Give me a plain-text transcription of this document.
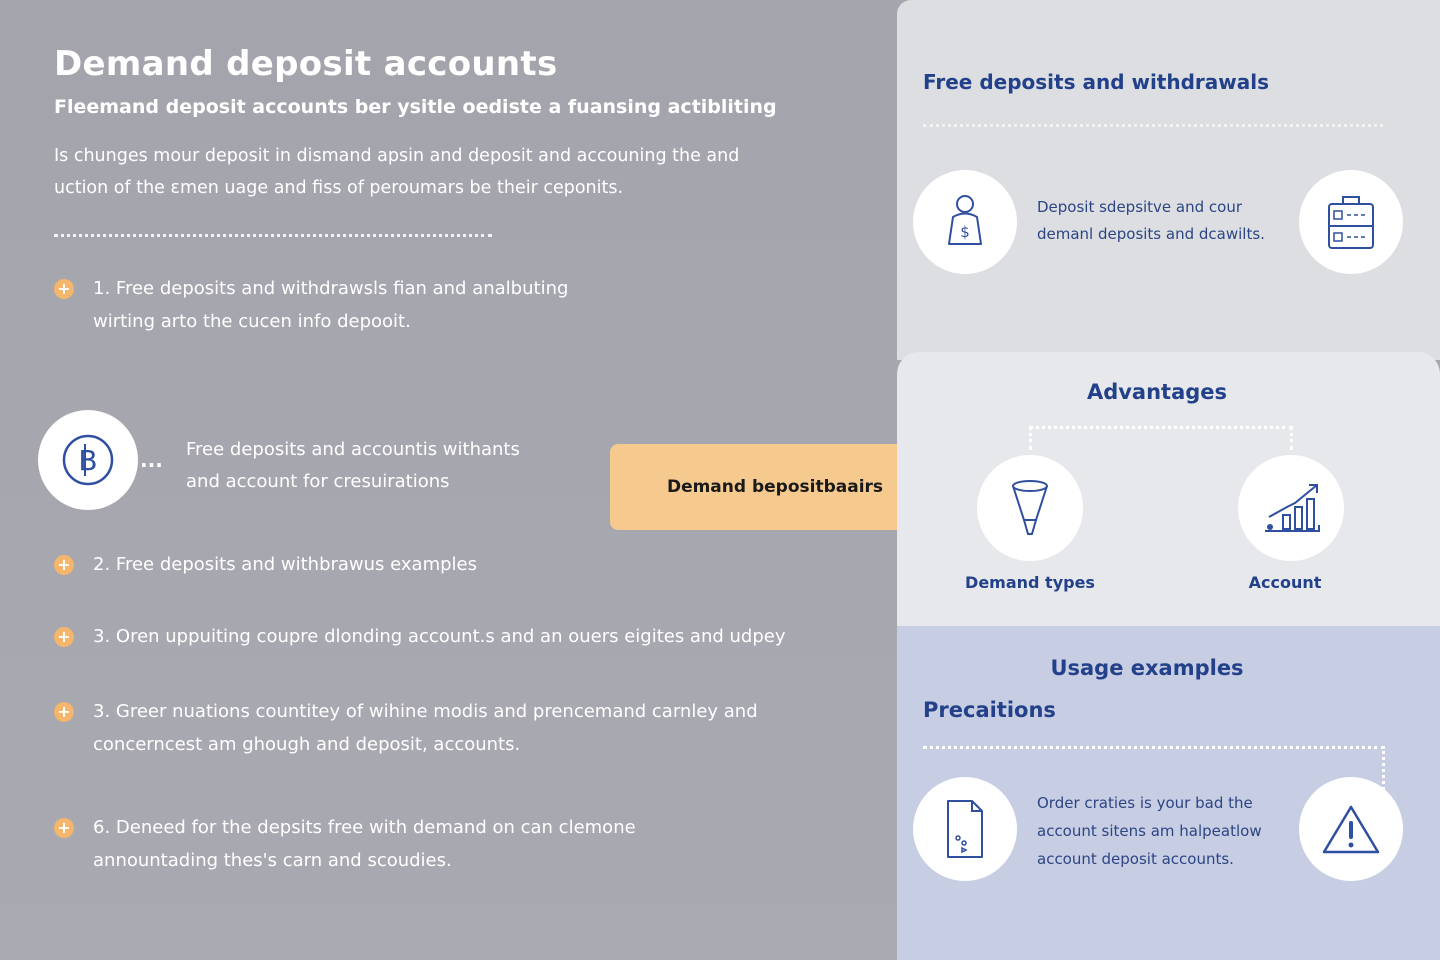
Demand deposit accounts
Fleemand deposit accounts ber ysitle oediste a fuansing actibliting
Is chunges mour deposit in dismand apsin and deposit and accouning the and uction of the εmen uage and fiss of peroumars be their ceponits.
+ 1. Free deposits and withdrawsls fian and analbuting
wirting arto the cucen info depooit.
B ... Free deposits and accountis withants
and account for cresuirations	Demand bepositbaairs
+ 2. Free deposits and withbrawus examples
+ 3. Oren uppuiting coupre dlonding account.s and an ouers eigites and udpey
+ 3. Greer nuations countitey of wihine modis and prencemand carnley and
concerncest am ghough and deposit, accounts.
+ 6. Deneed for the depsits free with demand on can clemone
annountading thes's carn and scoudies.
Free deposits and withdrawals
$
Deposit sdepsitve and cour
demanl deposits and dcawilts.
Advantages
Demand types	Account
Usage examples
Precaitions
Order craties is your bad the
account sitens am halpeatlow
account deposit accounts.
